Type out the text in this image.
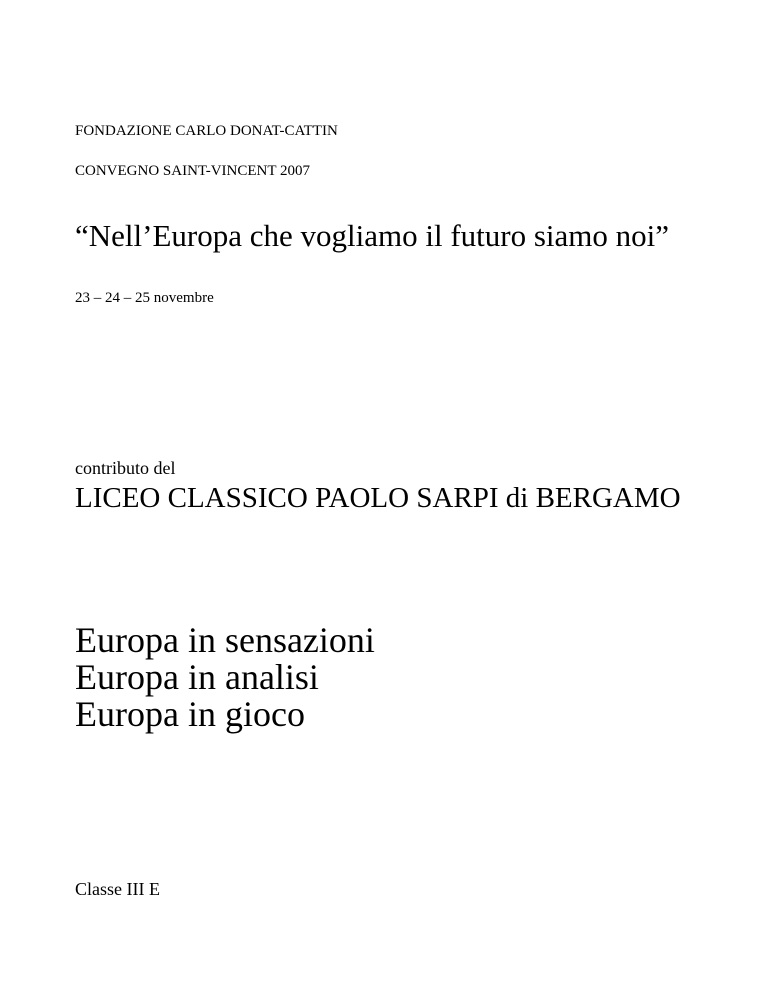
FONDAZIONE CARLO DONAT-CATTIN
CONVEGNO SAINT-VINCENT 2007
“Nell’Europa che vogliamo il futuro siamo noi”
23 – 24 – 25 novembre
contributo del
LICEO CLASSICO PAOLO SARPI di BERGAMO
Europa in sensazioni
Europa in analisi
Europa in gioco
Classe III E
